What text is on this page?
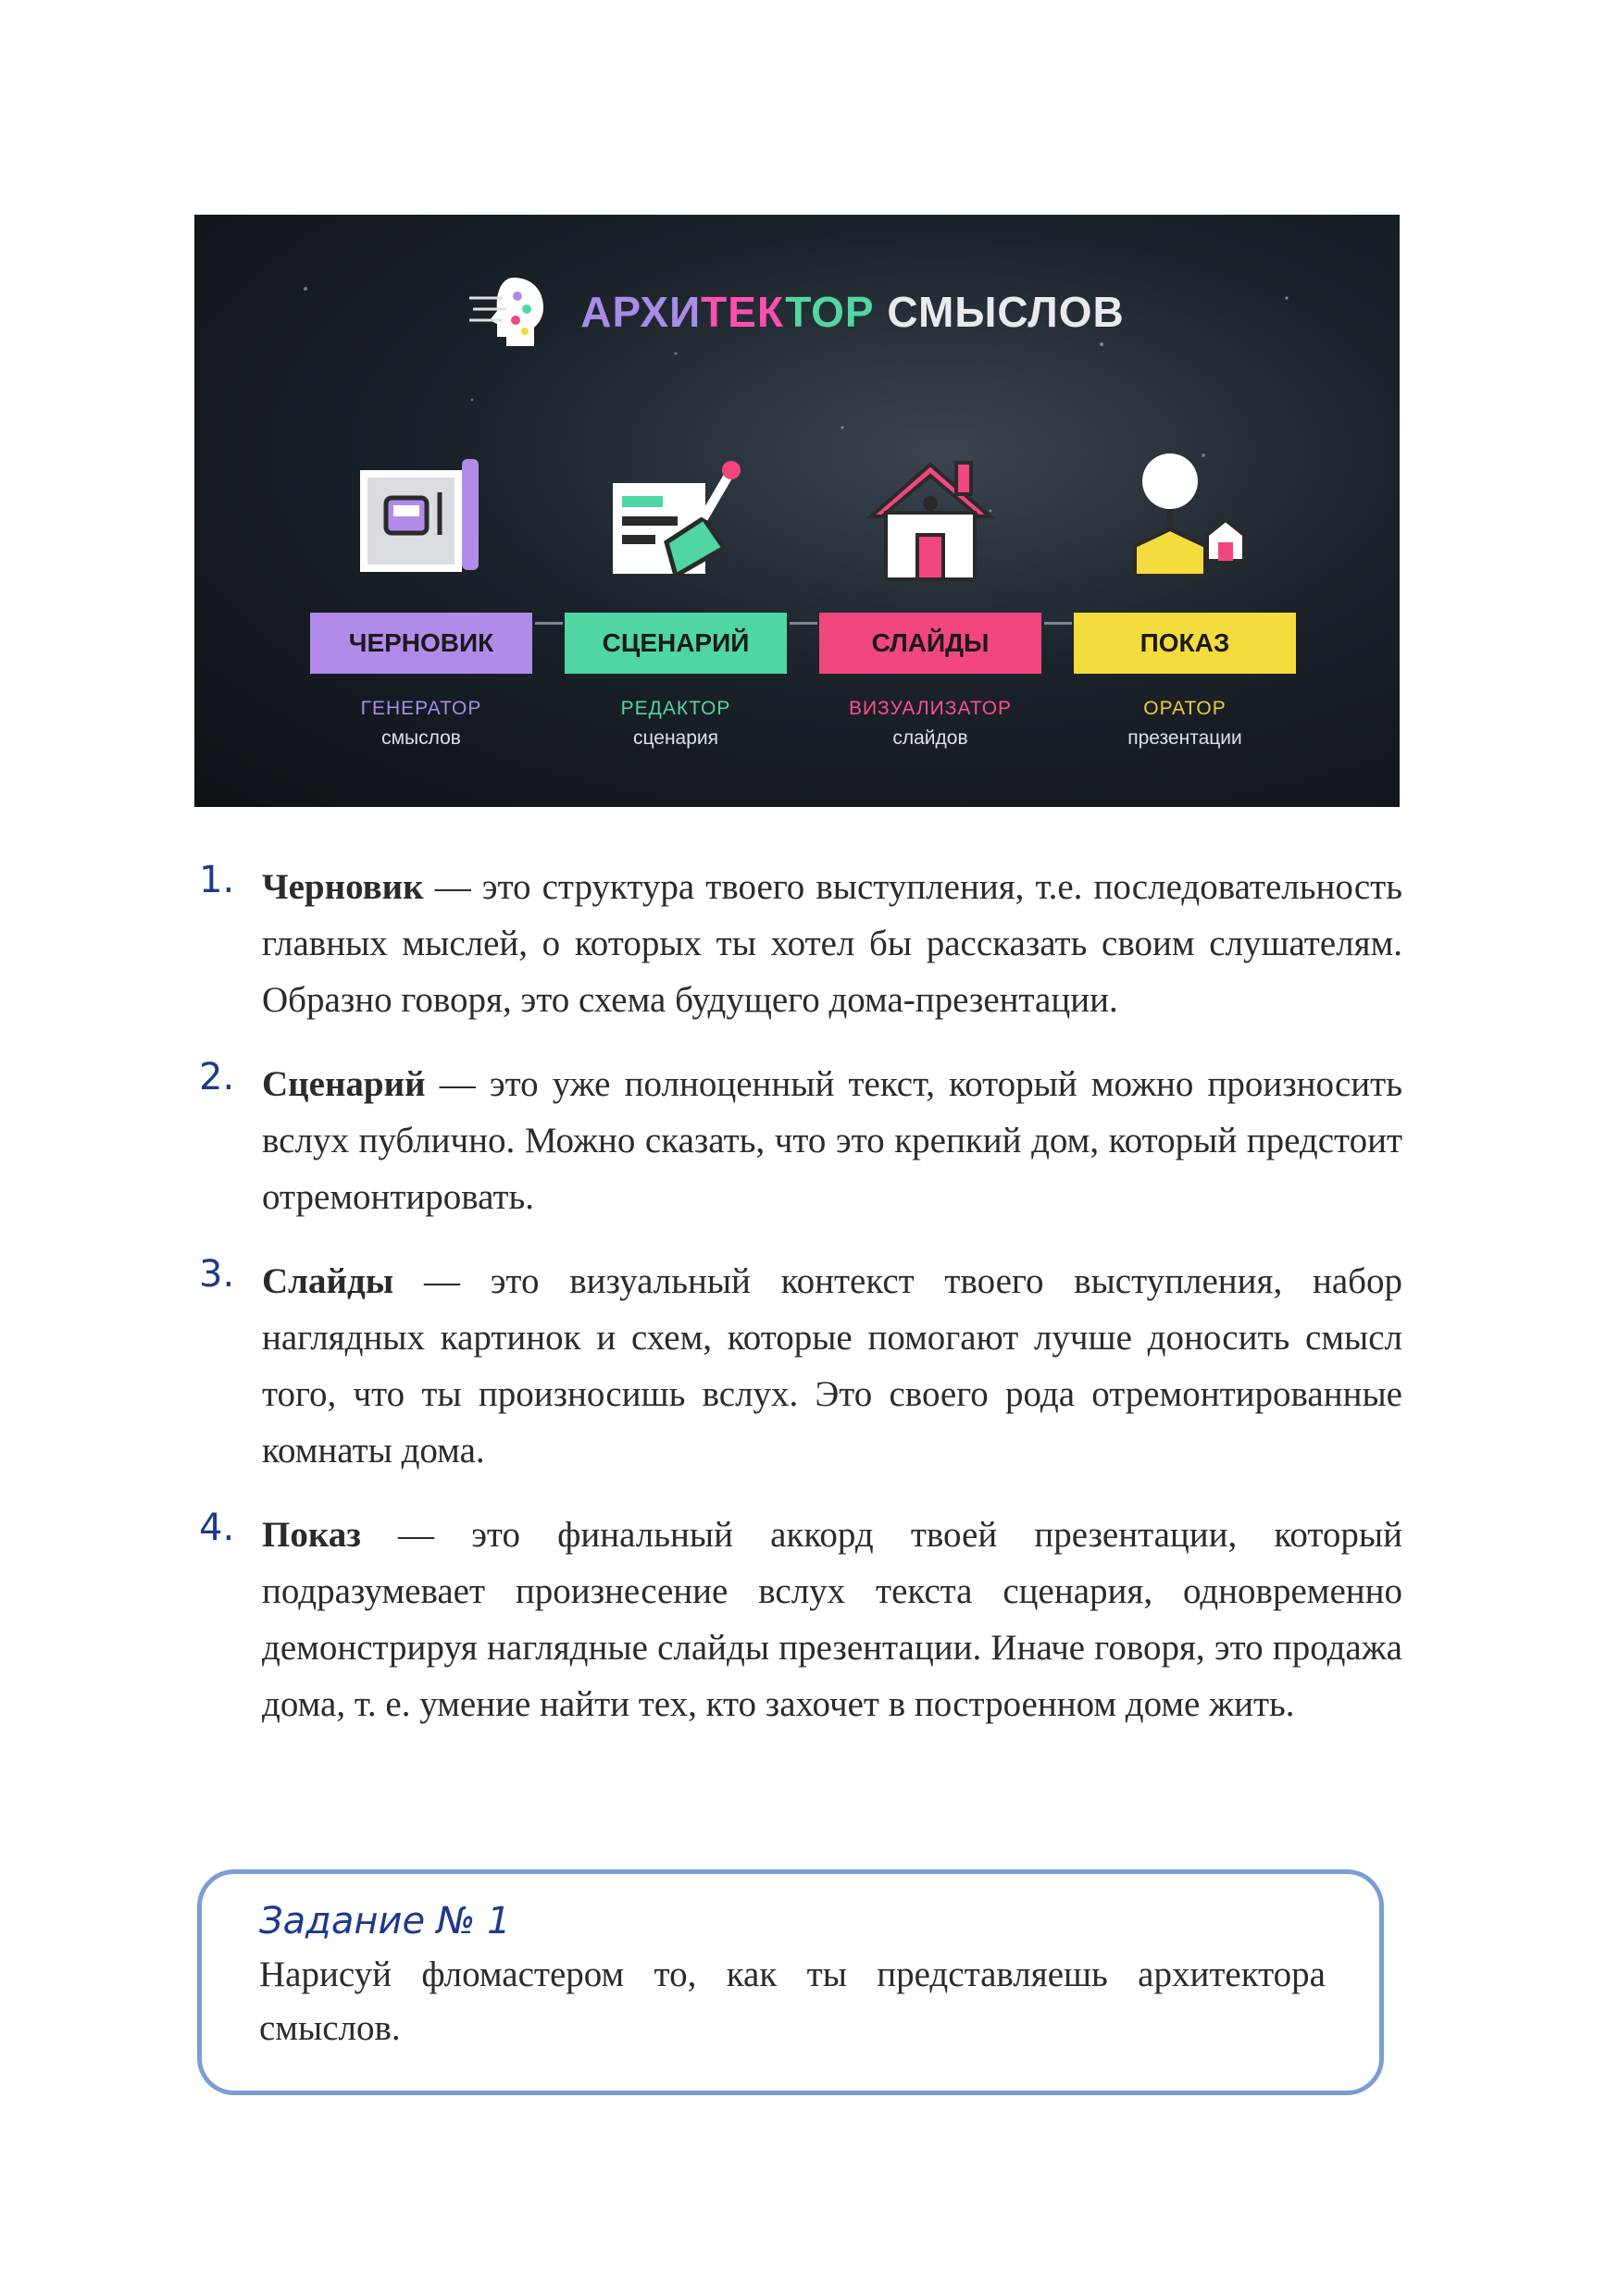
АРХИТЕКТОР СМЫСЛОВ
ЧЕРНОВИК
ГЕНЕРАТОР
смыслов
СЦЕНАРИЙ
РЕДАКТОР
сценария
СЛАЙДЫ
ВИЗУАЛИЗАТОР
слайдов
ПОКАЗ
ОРАТОР
презентации
1. Черновик — это структура твоего выступления, т.е. последовательность главных мыслей, о которых ты хотел бы рассказать своим слушателям. Образно говоря, это схема будущего дома-презентации.
2. Сценарий — это уже полноценный текст, который можно произносить вслух публично. Можно сказать, что это крепкий дом, который предстоит отремонтировать.
3. Слайды — это визуальный контекст твоего выступления, набор наглядных картинок и схем, которые помогают лучше доносить смысл того, что ты произносишь вслух. Это своего рода отремонтированные комнаты дома.
4. Показ — это финальный аккорд твоей презентации, который подразумевает произнесение вслух текста сценария, одновременно демонстрируя наглядные слайды презентации. Иначе говоря, это продажа дома, т. е. умение найти тех, кто захочет в построенном доме жить.
Задание № 1
Нарисуй фломастером то, как ты представляешь архитектора смыслов.
